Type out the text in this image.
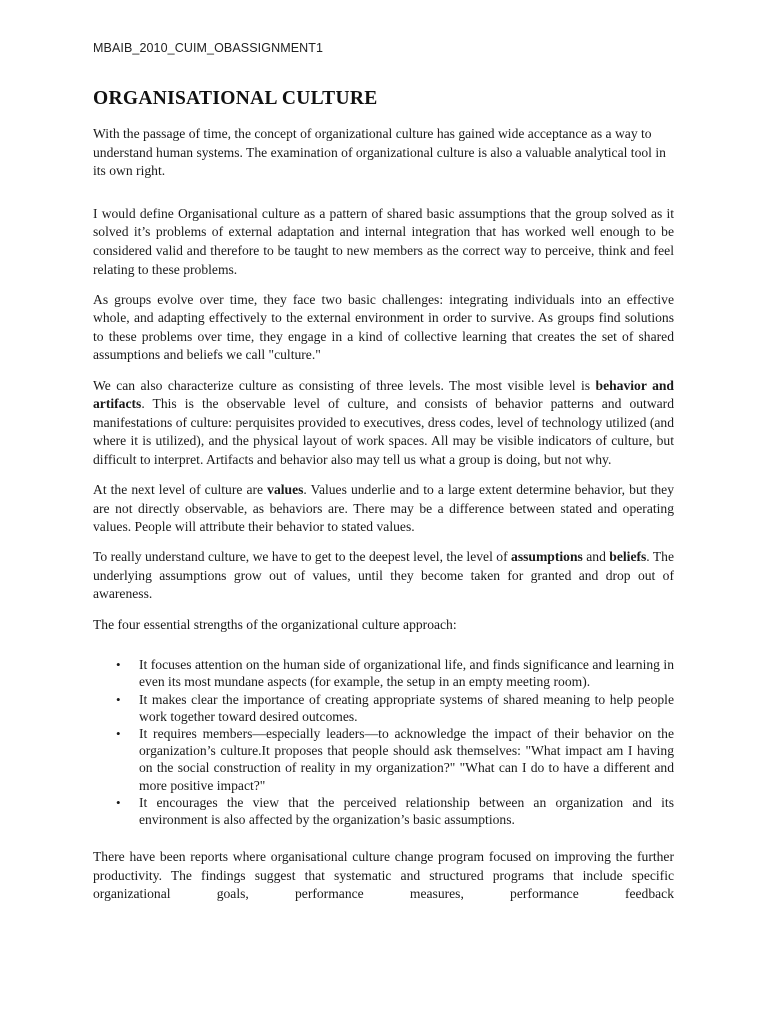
MBAIB_2010_CUIM_OBASSIGNMENT1
ORGANISATIONAL CULTURE

With the passage of time, the concept of organizational culture has gained wide acceptance as a way to understand human systems. The examination of organizational culture is also a valuable analytical tool in its own right.

I would define Organisational culture as a pattern of shared basic assumptions that the group solved as it solved it’s problems of external adaptation and internal integration that has worked well enough to be considered valid and therefore to be taught to new members as the correct way to perceive, think and feel relating to these problems.

As groups evolve over time, they face two basic challenges: integrating individuals into an effective whole, and adapting effectively to the external environment in order to survive. As groups find solutions to these problems over time, they engage in a kind of collective learning that creates the set of shared assumptions and beliefs we call "culture."

We can also characterize culture as consisting of three levels. The most visible level is behavior and artifacts. This is the observable level of culture, and consists of behavior patterns and outward manifestations of culture: perquisites provided to executives, dress codes, level of technology utilized (and where it is utilized), and the physical layout of work spaces. All may be visible indicators of culture, but difficult to interpret. Artifacts and behavior also may tell us what a group is doing, but not why.

At the next level of culture are values. Values underlie and to a large extent determine behavior, but they are not directly observable, as behaviors are. There may be a difference between stated and operating values. People will attribute their behavior to stated values.

To really understand culture, we have to get to the deepest level, the level of assumptions and beliefs. The underlying assumptions grow out of values, until they become taken for granted and drop out of awareness.

The four essential strengths of the organizational culture approach:

• It focuses attention on the human side of organizational life, and finds significance and learning in even its most mundane aspects (for example, the setup in an empty meeting room).
• It makes clear the importance of creating appropriate systems of shared meaning to help people work together toward desired outcomes.
• It requires members—especially leaders—to acknowledge the impact of their behavior on the organization’s culture.It proposes that people should ask themselves: "What impact am I having on the social construction of reality in my organization?" "What can I do to have a different and more positive impact?"
• It encourages the view that the perceived relationship between an organization and its environment is also affected by the organization’s basic assumptions.

There have been reports where organisational culture change program focused on improving the further productivity. The findings suggest that systematic and structured programs that include specific organizational goals, performance measures, performance feedback
